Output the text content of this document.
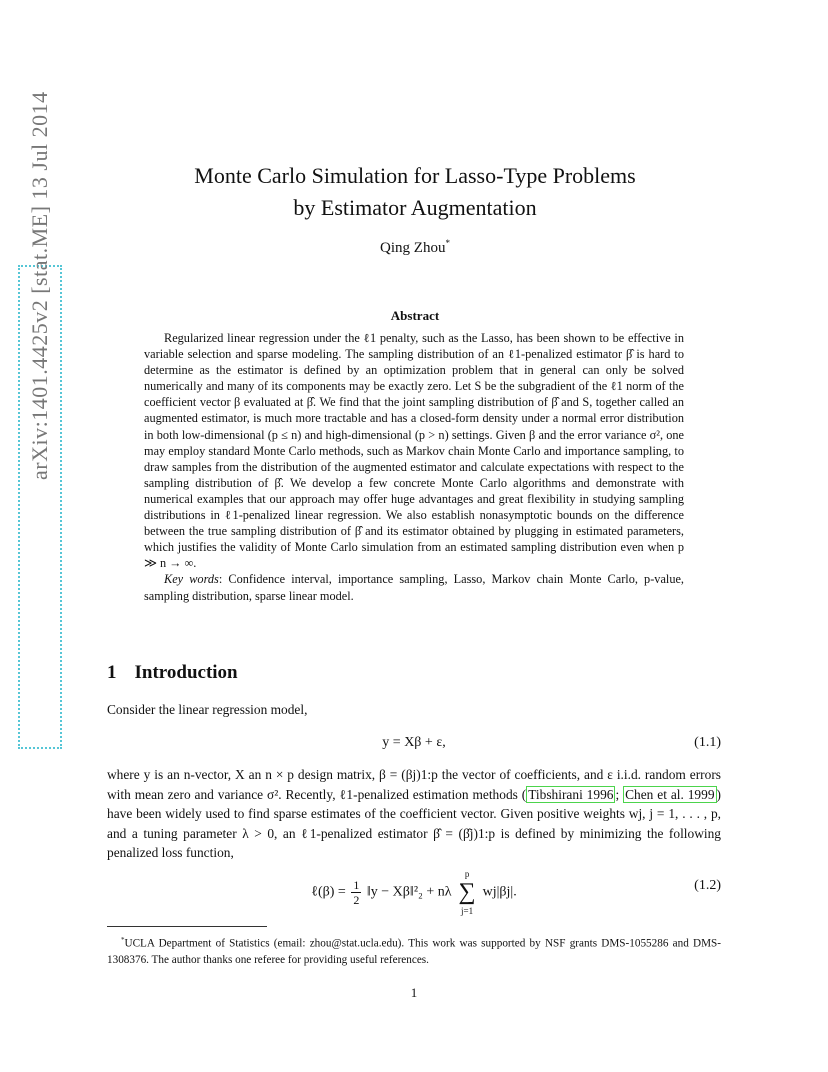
arXiv:1401.4425v2 [stat.ME] 13 Jul 2014	Monte Carlo Simulation for Lasso-Type Problems
by Estimator Augmentation
Qing Zhou*
Abstract

Regularized linear regression under the ℓ1 penalty, such as the Lasso, has been shown to be effective in variable selection and sparse modeling. The sampling distribution of an ℓ1-penalized estimator β̂ is hard to determine as the estimator is defined by an optimization problem that in general can only be solved numerically and many of its components may be exactly zero. Let S be the subgradient of the ℓ1 norm of the coefficient vector β evaluated at β̂. We find that the joint sampling distribution of β̂ and S, together called an augmented estimator, is much more tractable and has a closed-form density under a normal error distribution in both low-dimensional (p ≤ n) and high-dimensional (p > n) settings. Given β and the error variance σ², one may employ standard Monte Carlo methods, such as Markov chain Monte Carlo and importance sampling, to draw samples from the distribution of the augmented estimator and calculate expectations with respect to the sampling distribution of β̂. We develop a few concrete Monte Carlo algorithms and demonstrate with numerical examples that our approach may offer huge advantages and great flexibility in studying sampling distributions in ℓ1-penalized linear regression. We also establish nonasymptotic bounds on the difference between the true sampling distribution of β̂ and its estimator obtained by plugging in estimated parameters, which justifies the validity of Monte Carlo simulation from an estimated sampling distribution even when p ≫ n → ∞.

Key words: Confidence interval, importance sampling, Lasso, Markov chain Monte Carlo, p-value, sampling distribution, sparse linear model.

1 Introduction
Consider the linear regression model,
y = Xβ + ε,	(1.1)
where y is an n-vector, X an n × p design matrix, β = (βj)1:p the vector of coefficients, and ε i.i.d. random errors with mean zero and variance σ². Recently, ℓ1-penalized estimation methods ( Tibshirani 1996 ; Chen et al. 1999 ) have been widely used to find sparse estimates of the coefficient vector. Given positive weights wj, j = 1, . . . , p, and a tuning parameter λ > 0, an ℓ1-penalized estimator β̂ = (β̂j)1:p is defined by minimizing the following penalized loss function,
ℓ(β) = $\frac{1}{2}$ ‖y − Xβ‖²₂ + nλ
p
∑
j=1
wj|βj|.	(1.2)
*UCLA Department of Statistics (email: zhou@stat.ucla.edu). This work was supported by NSF grants DMS-1055286 and DMS-1308376. The author thanks one referee for providing useful references.
1
